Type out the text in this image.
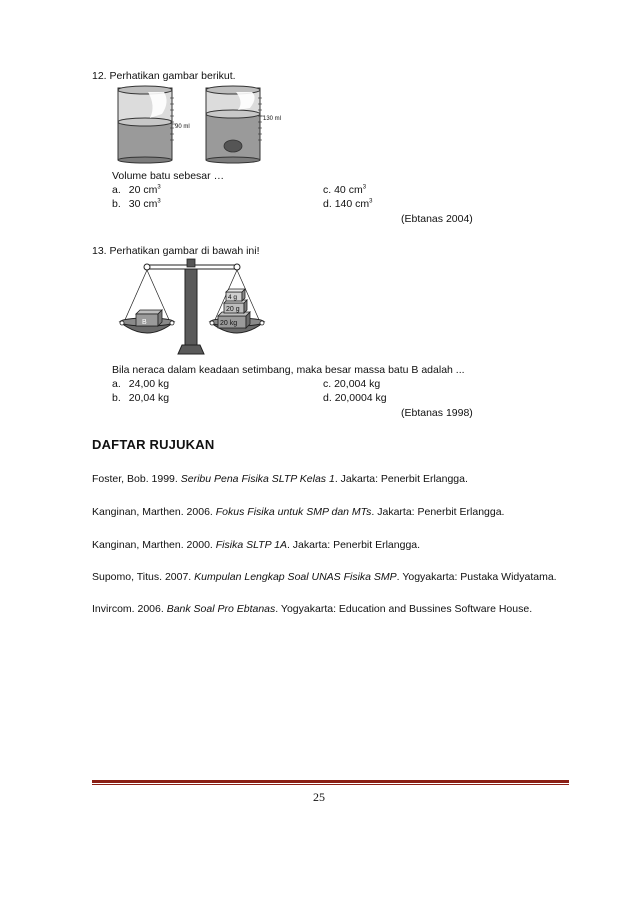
12. Perhatikan gambar berikut.
90 ml
130 ml
Volume batu sebesar …
a. 20 $cm^3$
b. 30 $cm^3$
c. 40 $cm^3$
d. 140 $cm^3$
(Ebtanas 2004)
13. Perhatikan gambar di bawah ini!
B	20 kg
20 g
4 g
Bila neraca dalam keadaan setimbang, maka besar massa batu B adalah ...
a. 24,00 kg
b. 20,04 kg
c. 20,004 kg
d. 20,0004 kg
(Ebtanas 1998)
DAFTAR RUJUKAN
Foster, Bob. 1999. Seribu Pena Fisika SLTP Kelas 1. Jakarta: Penerbit Erlangga.
Kanginan, Marthen. 2006. Fokus Fisika untuk SMP dan MTs. Jakarta: Penerbit Erlangga.
Kanginan, Marthen. 2000. Fisika SLTP 1A. Jakarta: Penerbit Erlangga.
Supomo, Titus. 2007. Kumpulan Lengkap Soal UNAS Fisika SMP. Yogyakarta: Pustaka Widyatama.
Invircom. 2006. Bank Soal Pro Ebtanas. Yogyakarta: Education and Bussines Software House.
25
